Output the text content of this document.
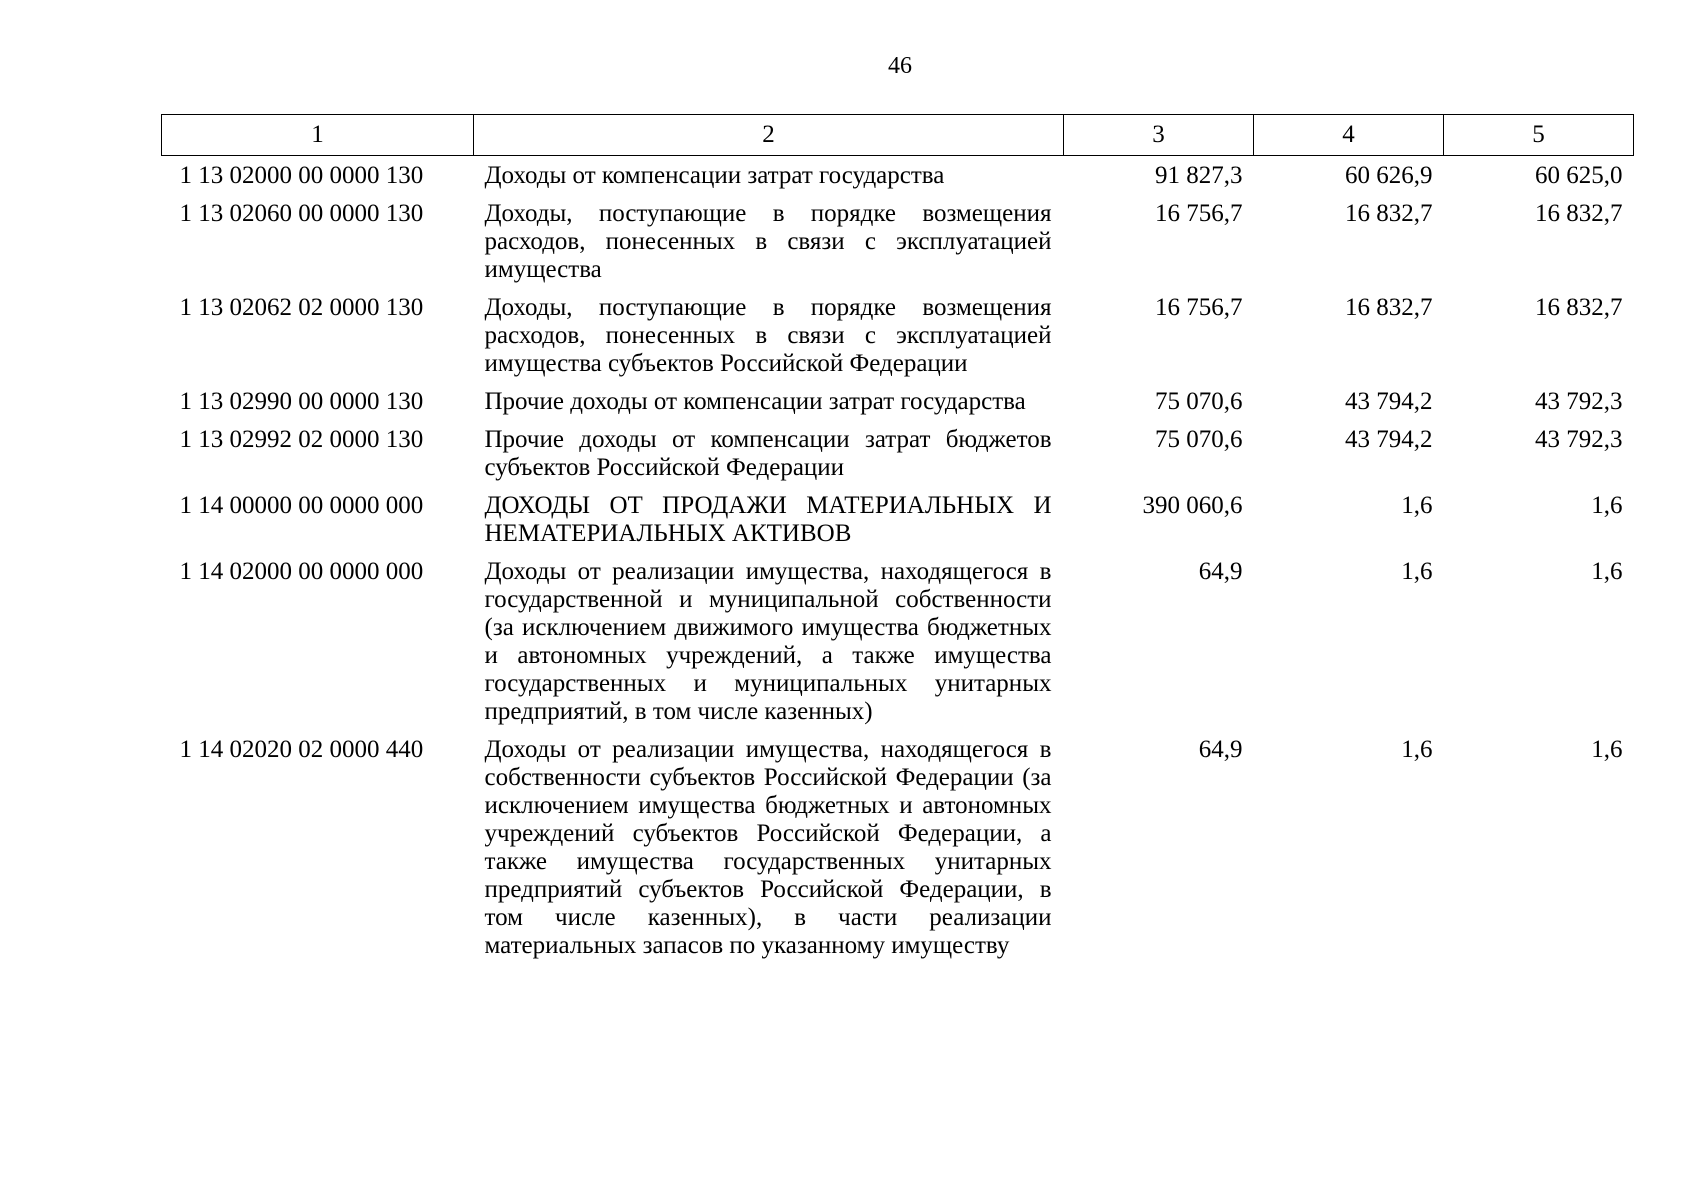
46
1	2	3	4	5
1 13 02000 00 0000 130	Доходы от компенсации затрат государства	91 827,3	60 626,9	60 625,0
1 13 02060 00 0000 130	Доходы, поступающие в порядке возмещения расходов, понесенных в связи с эксплуатацией имущества	16 756,7	16 832,7	16 832,7
1 13 02062 02 0000 130	Доходы, поступающие в порядке возмещения расходов, понесенных в связи с эксплуатацией имущества субъектов Российской Федерации	16 756,7	16 832,7	16 832,7
1 13 02990 00 0000 130	Прочие доходы от компенсации затрат государства	75 070,6	43 794,2	43 792,3
1 13 02992 02 0000 130	Прочие доходы от компенсации затрат бюджетов субъектов Российской Федерации	75 070,6	43 794,2	43 792,3
1 14 00000 00 0000 000	ДОХОДЫ ОТ ПРОДАЖИ МАТЕРИАЛЬНЫХ И НЕМАТЕРИАЛЬНЫХ АКТИВОВ	390 060,6	1,6	1,6
1 14 02000 00 0000 000	Доходы от реализации имущества, находящегося в государственной и муниципальной собственности (за исключением движимого имущества бюджетных и автономных учреждений, а также имущества государственных и муниципальных унитарных предприятий, в том числе казенных)	64,9	1,6	1,6
1 14 02020 02 0000 440	Доходы от реализации имущества, находящегося в собственности субъектов Российской Федерации (за исключением имущества бюджетных и автономных учреждений субъектов Российской Федерации, а также имущества государственных унитарных предприятий субъектов Российской Федерации, в том числе казенных), в части реализации материальных запасов по указанному имуществу	64,9	1,6	1,6
